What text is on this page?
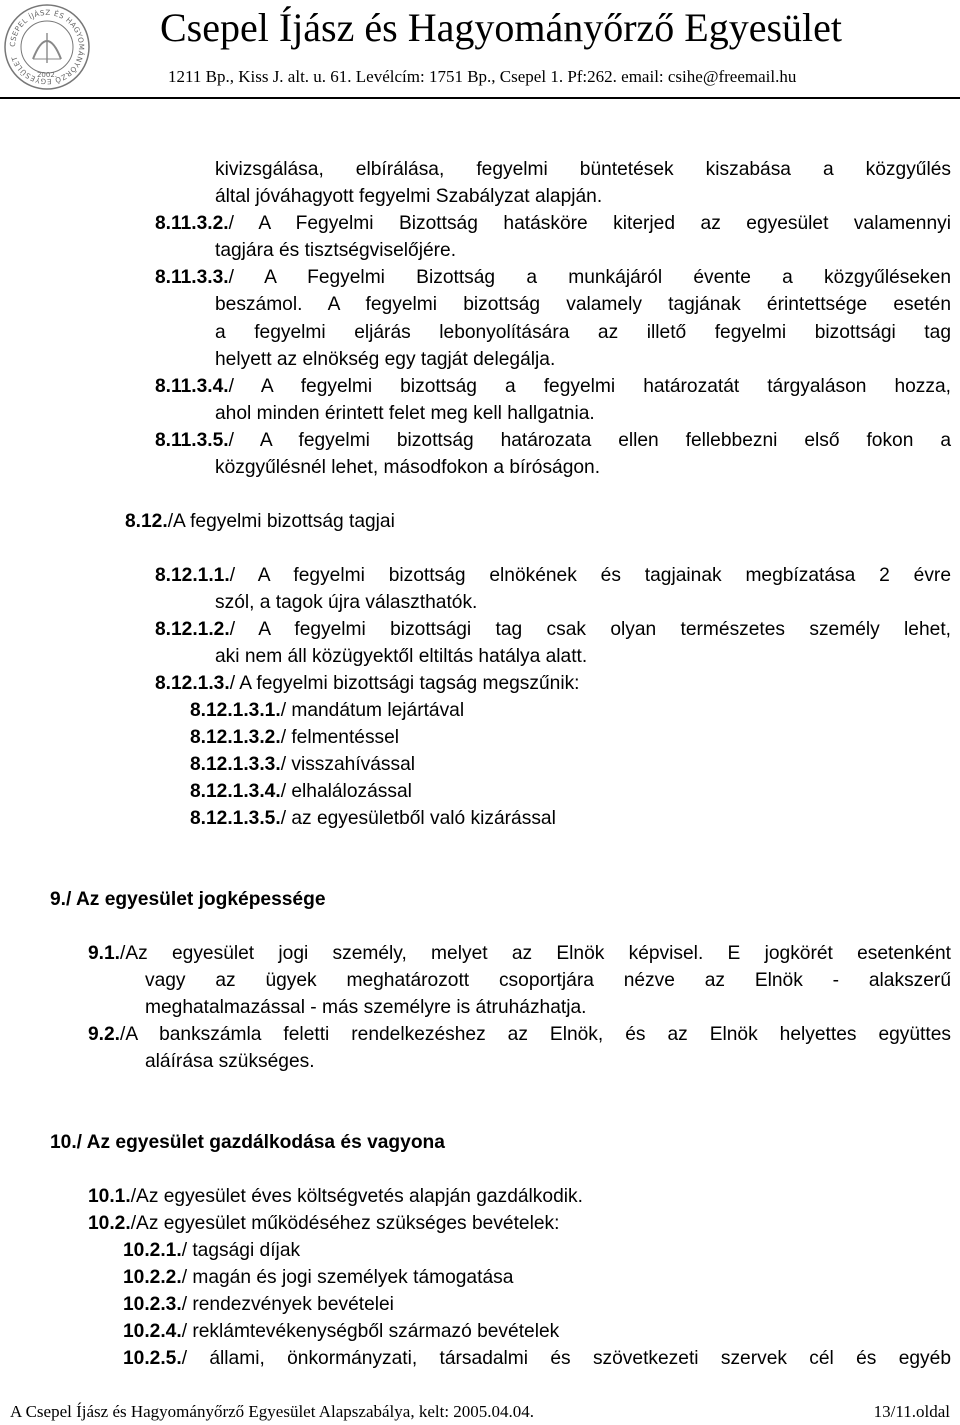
CSEPEL ÍJÁSZ ÉS HAGYOMÁNYŐRZŐ EGYESÜLET
2002.
Csepel Íjász és Hagyományőrző Egyesület
1211 Bp., Kiss J. alt. u. 61. Levélcím: 1751 Bp., Csepel 1. Pf:262. email: csihe@freemail.hu
kivizsgálása, elbírálása, fegyelmi büntetések kiszabása a közgyűlés
által jóváhagyott fegyelmi Szabályzat alapján.
8.11.3.2./ A Fegyelmi Bizottság hatásköre kiterjed az egyesület valamennyi
tagjára és tisztségviselőjére.
8.11.3.3./ A Fegyelmi Bizottság a munkájáról évente a közgyűléseken
beszámol. A fegyelmi bizottság valamely tagjának érintettsége esetén
a fegyelmi eljárás lebonyolítására az illető fegyelmi bizottsági tag
helyett az elnökség egy tagját delegálja.
8.11.3.4./ A fegyelmi bizottság a fegyelmi határozatát tárgyaláson hozza,
ahol minden érintett felet meg kell hallgatnia.
8.11.3.5./ A fegyelmi bizottság határozata ellen fellebbezni első fokon a
közgyűlésnél lehet, másodfokon a bíróságon.
8.12./A fegyelmi bizottság tagjai
8.12.1.1./ A fegyelmi bizottság elnökének és tagjainak megbízatása 2 évre
szól, a tagok újra választhatók.
8.12.1.2./ A fegyelmi bizottsági tag csak olyan természetes személy lehet,
aki nem áll közügyektől eltiltás hatálya alatt.
8.12.1.3./ A fegyelmi bizottsági tagság megszűnik:
8.12.1.3.1./ mandátum lejártával
8.12.1.3.2./ felmentéssel
8.12.1.3.3./ visszahívással
8.12.1.3.4./ elhalálozással
8.12.1.3.5./ az egyesületből való kizárással
9./ Az egyesület jogképessége
9.1./Az egyesület jogi személy, melyet az Elnök képvisel. E jogkörét esetenként
vagy az ügyek meghatározott csoportjára nézve az Elnök - alakszerű
meghatalmazással - más személyre is átruházhatja.
9.2./A bankszámla feletti rendelkezéshez az Elnök, és az Elnök helyettes együttes
aláírása szükséges.
10./ Az egyesület gazdálkodása és vagyona
10.1./Az egyesület éves költségvetés alapján gazdálkodik.
10.2./Az egyesület működéséhez szükséges bevételek:
10.2.1./ tagsági díjak
10.2.2./ magán és jogi személyek támogatása
10.2.3./ rendezvények bevételei
10.2.4./ reklámtevékenységből származó bevételek
10.2.5./ állami, önkormányzati, társadalmi és szövetkezeti szervek cél és egyéb
A Csepel Íjász és Hagyományőrző Egyesület Alapszabálya, kelt: 2005.04.04.	13/11.oldal
